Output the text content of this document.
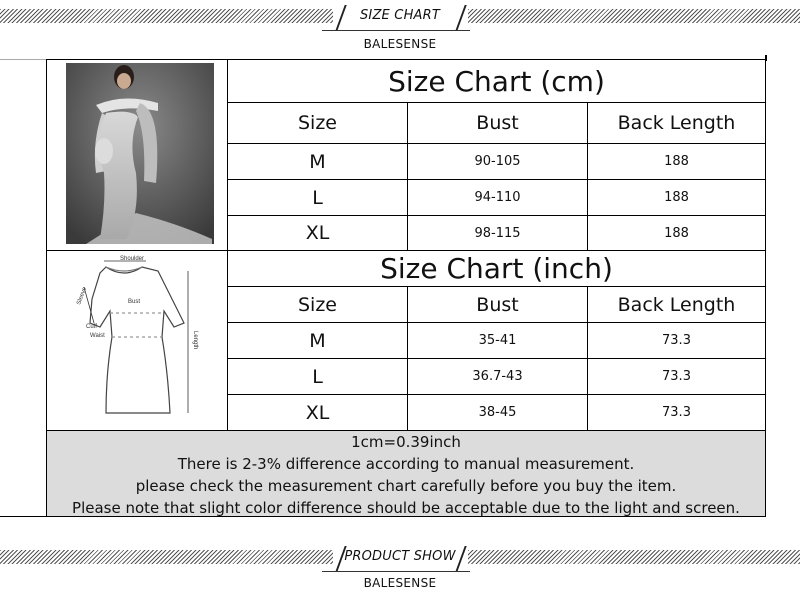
SIZE CHART
BALESENSE
Shoulder
Sleeve	Bust
Cuff
Waist	Length
Size Chart (cm)
Size	Bust	Back Length
M	90-105	188
L	94-110	188
XL	98-115	188
Size Chart (inch)
Size	Bust	Back Length
M	35-41	73.3
L	36.7-43	73.3
XL	38-45	73.3
1cm=0.39inch
There is 2-3% difference according to manual measurement.
please check the measurement chart carefully before you buy the item.
Please note that slight color difference should be acceptable due to the light and screen.
PRODUCT SHOW
BALESENSE
